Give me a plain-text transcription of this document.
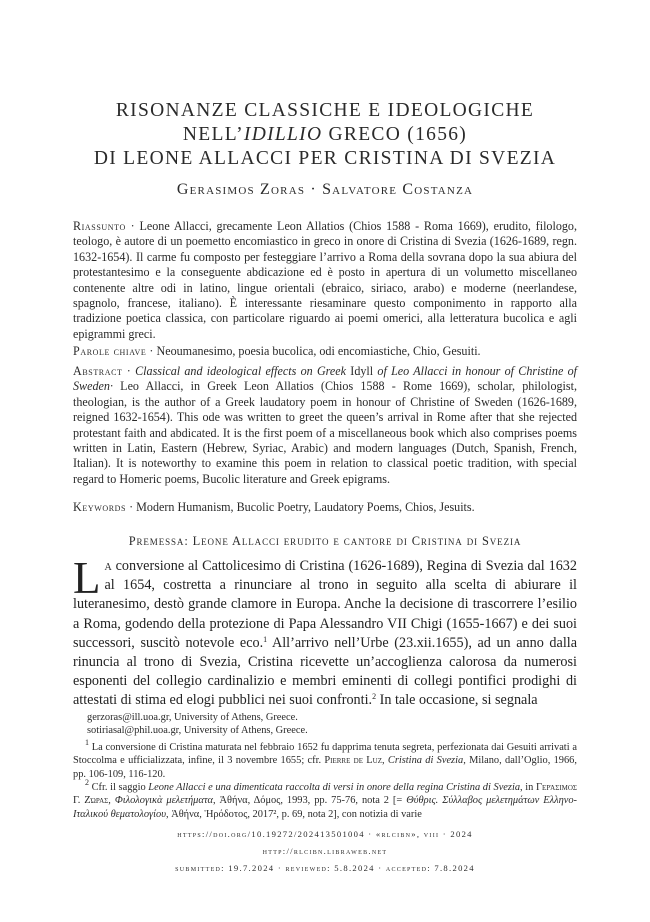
RISONANZE CLASSICHE E IDEOLOGICHE
NELL’IDILLIO GRECO (1656)
DI LEONE ALLACCI PER CRISTINA DI SVEZIA
Gerasimos Zoras · Salvatore Costanza
Riassunto · Leone Allacci, grecamente Leon Allatios (Chios 1588 - Roma 1669), erudito, filologo, teologo, è autore di un poemetto encomiastico in greco in onore di Cristina di Svezia (1626-1689, regn. 1632-1654). Il carme fu composto per festeggiare l’arrivo a Roma della sovrana dopo la sua abiura del protestantesimo e la conseguente abdicazione ed è posto in apertura di un volumetto miscellaneo contenente altre odi in latino, lingue orientali (ebraico, siriaco, arabo) e moderne (neerlandese, spagnolo, francese, italiano). È interessante riesaminare questo componimento in rapporto alla tradizione poetica classica, con particolare riguardo ai poemi omerici, alla letteratura bucolica e agli epigrammi greci.
Parole chiave · Neoumanesimo, poesia bucolica, odi encomiastiche, Chio, Gesuiti.
Abstract · Classical and ideological effects on Greek Idyll of Leo Allacci in honour of Christine of Sweden· Leo Allacci, in Greek Leon Allatios (Chios 1588 - Rome 1669), scholar, philologist, theologian, is the author of a Greek laudatory poem in honour of Christine of Sweden (1626-1689, reigned 1632-1654). This ode was written to greet the queen’s arrival in Rome after that she rejected protestant faith and abdicated. It is the first poem of a miscellaneous book which also comprises poems written in Latin, Eastern (Hebrew, Syriac, Arabic) and modern languages (Dutch, Spanish, French, Italian). It is noteworthy to examine this poem in relation to classical poetic tradition, with special regard to Homeric poems, Bucolic literature and Greek epigrams.
Keywords · Modern Humanism, Bucolic Poetry, Laudatory Poems, Chios, Jesuits.
Premessa: Leone Allacci erudito e cantore di Cristina di Svezia
La conversione al Cattolicesimo di Cristina (1626-1689), Regina di Svezia dal 1632 al 1654, costretta a rinunciare al trono in seguito alla scelta di abiurare il luteranesimo, destò grande clamore in Europa. Anche la decisione di trascorrere l’esilio a Roma, godendo della protezione di Papa Alessandro VII Chigi (1655-1667) e dei suoi successori, suscitò notevole eco.$^1$ All’arrivo nell’Urbe (23.xii.1655), ad un anno dalla rinuncia al trono di Svezia, Cristina ricevette un’accoglienza calorosa da numerosi esponenti del collegio cardinalizio e membri eminenti di collegi pontifici prodighi di attestati di stima ed elogi pubblici nei suoi confronti.$^2$ In tale occasione, si segnala
gerzoras@ill.uoa.gr, University of Athens, Greece.
sotiriasal@phil.uoa.gr, University of Athens, Greece.
$^1$ La conversione di Cristina maturata nel febbraio 1652 fu dapprima tenuta segreta, perfezionata dai Gesuiti arrivati a Stoccolma e ufficializzata, infine, il 3 novembre 1655; cfr. Pierre de Luz, Cristina di Svezia, Milano, dall’Oglio, 1966, pp. 106-109, 116-120.
$^2$ Cfr. il saggio Leone Allacci e una dimenticata raccolta di versi in onore della regina Cristina di Svezia, in Γεράσιμος Γ. Ζώρας, Φιλολογικὰ μελετήματα, Ἀθήνα, Δόμος, 1993, pp. 75-76, nota 2 [= Θύθρις. Σύλλαβος μελετημάτων Ελληνο-Ιταλικού θεματολογίου, Ἀθήνα, Ἡρόδοτος, 2017², p. 69, nota 2], con notizia di varie
https://doi.org/10.19272/202413501004 · «rlcibn», viii · 2024
http://rlcibn.libraweb.net
submitted: 19.7.2024 · reviewed: 5.8.2024 · accepted: 7.8.2024
